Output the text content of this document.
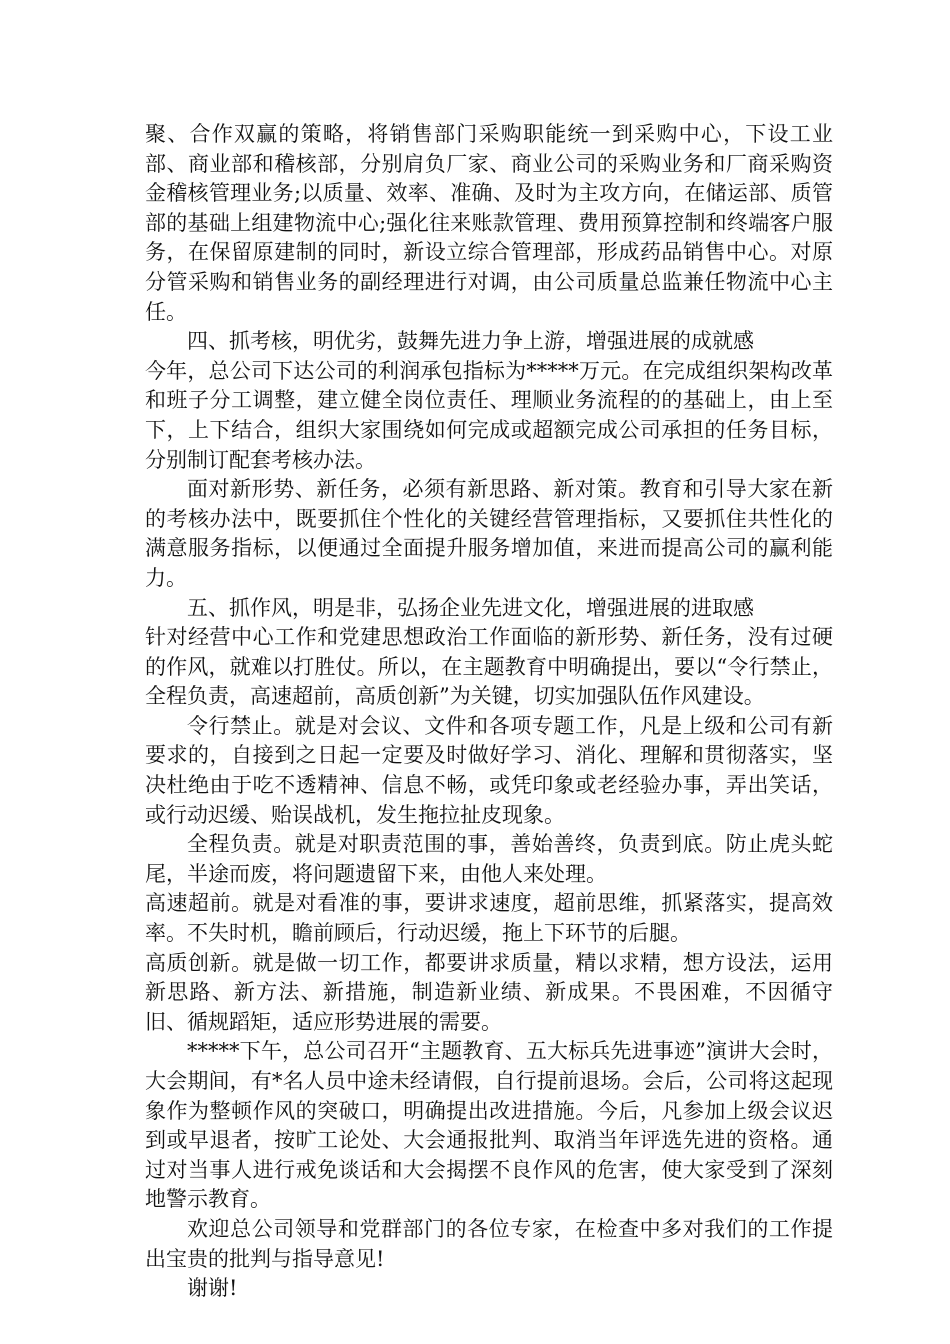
聚、合作双赢的策略，将销售部门采购职能统一到采购中心，下设工业部、商业部和稽核部，分别肩负厂家、商业公司的采购业务和厂商采购资金稽核管理业务;以质量、效率、准确、及时为主攻方向，在储运部、质管部的基础上组建物流中心;强化往来账款管理、费用预算控制和终端客户服务，在保留原建制的同时，新设立综合管理部，形成药品销售中心。对原分管采购和销售业务的副经理进行对调，由公司质量总监兼任物流中心主任。

四、抓考核，明优劣，鼓舞先进力争上游，增强进展的成就感

今年，总公司下达公司的利润承包指标为*****万元。在完成组织架构改革和班子分工调整，建立健全岗位责任、理顺业务流程的的基础上，由上至下，上下结合，组织大家围绕如何完成或超额完成公司承担的任务目标，分别制订配套考核办法。

面对新形势、新任务，必须有新思路、新对策。教育和引导大家在新的考核办法中，既要抓住个性化的关键经营管理指标，又要抓住共性化的满意服务指标，以便通过全面提升服务增加值，来进而提高公司的赢利能力。

五、抓作风，明是非，弘扬企业先进文化，增强进展的进取感

针对经营中心工作和党建思想政治工作面临的新形势、新任务，没有过硬的作风，就难以打胜仗。所以，在主题教育中明确提出，要以“令行禁止，全程负责，高速超前，高质创新”为关键，切实加强队伍作风建设。

令行禁止。就是对会议、文件和各项专题工作，凡是上级和公司有新要求的，自接到之日起一定要及时做好学习、消化、理解和贯彻落实，坚决杜绝由于吃不透精神、信息不畅，或凭印象或老经验办事，弄出笑话，或行动迟缓、贻误战机，发生拖拉扯皮现象。

全程负责。就是对职责范围的事，善始善终，负责到底。防止虎头蛇尾，半途而废，将问题遗留下来，由他人来处理。

高速超前。就是对看准的事，要讲求速度，超前思维，抓紧落实，提高效率。不失时机，瞻前顾后，行动迟缓，拖上下环节的后腿。

高质创新。就是做一切工作，都要讲求质量，精以求精，想方设法，运用新思路、新方法、新措施，制造新业绩、新成果。不畏困难，不因循守旧、循规蹈矩，适应形势进展的需要。

*****下午，总公司召开“主题教育、五大标兵先进事迹”演讲大会时，大会期间，有*名人员中途未经请假，自行提前退场。会后，公司将这起现象作为整顿作风的突破口，明确提出改进措施。今后，凡参加上级会议迟到或早退者，按旷工论处、大会通报批判、取消当年评选先进的资格。通过对当事人进行戒免谈话和大会揭摆不良作风的危害，使大家受到了深刻地警示教育。

欢迎总公司领导和党群部门的各位专家，在检查中多对我们的工作提出宝贵的批判与指导意见!

谢谢!
